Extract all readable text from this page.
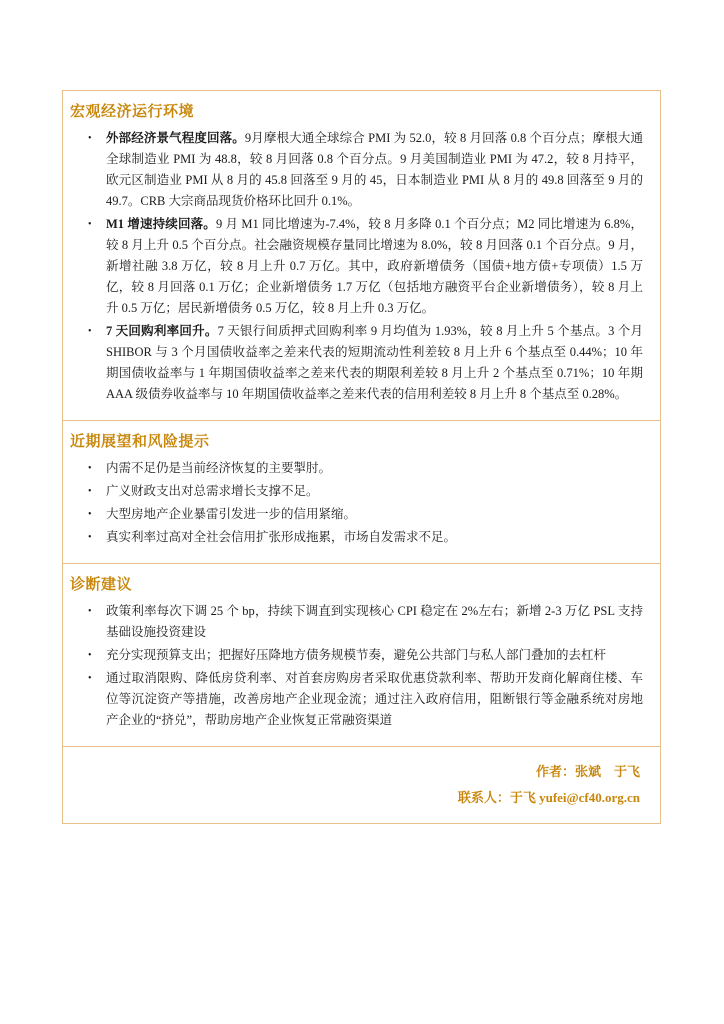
宏观经济运行环境
•	外部经济景气程度回落。9月摩根大通全球综合 PMI 为 52.0，较 8 月回落 0.8 个百分点；摩根大通全球制造业 PMI 为 48.8，较 8 月回落 0.8 个百分点。9 月美国制造业 PMI 为 47.2，较 8 月持平，欧元区制造业 PMI 从 8 月的 45.8 回落至 9 月的 45，日本制造业 PMI 从 8 月的 49.8 回落至 9 月的 49.7。CRB 大宗商品现货价格环比回升 0.1%。

•	M1 增速持续回落。9 月 M1 同比增速为-7.4%，较 8 月多降 0.1 个百分点；M2 同比增速为 6.8%，较 8 月上升 0.5 个百分点。社会融资规模存量同比增速为 8.0%，较 8 月回落 0.1 个百分点。9 月，新增社融 3.8 万亿，较 8 月上升 0.7 万亿。其中，政府新增债务（国债+地方债+专项债）1.5 万亿，较 8 月回落 0.1 万亿；企业新增债务 1.7 万亿（包括地方融资平台企业新增债务），较 8 月上升 0.5 万亿；居民新增债务 0.5 万亿，较 8 月上升 0.3 万亿。

•	7 天回购利率回升。7 天银行间质押式回购利率 9 月均值为 1.93%，较 8 月上升 5 个基点。3 个月 SHIBOR 与 3 个月国债收益率之差来代表的短期流动性利差较 8 月上升 6 个基点至 0.44%；10 年期国债收益率与 1 年期国债收益率之差来代表的期限利差较 8 月上升 2 个基点至 0.71%；10 年期 AAA 级债券收益率与 10 年期国债收益率之差来代表的信用利差较 8 月上升 8 个基点至 0.28%。

近期展望和风险提示
•	内需不足仍是当前经济恢复的主要掣肘。

•	广义财政支出对总需求增长支撑不足。

•	大型房地产企业暴雷引发进一步的信用紧缩。

•	真实利率过高对全社会信用扩张形成拖累，市场自发需求不足。

诊断建议
•	政策利率每次下调 25 个 bp，持续下调直到实现核心 CPI 稳定在 2%左右；新增 2-3 万亿 PSL 支持基础设施投资建设

•	充分实现预算支出；把握好压降地方债务规模节奏，避免公共部门与私人部门叠加的去杠杆

•	通过取消限购、降低房贷利率、对首套房购房者采取优惠贷款利率、帮助开发商化解商住楼、车位等沉淀资产等措施，改善房地产企业现金流；通过注入政府信用，阻断银行等金融系统对房地产企业的“挤兑”，帮助房地产企业恢复正常融资渠道

作者：张斌　于飞

联系人：于飞 yufei@cf40.org.cn
